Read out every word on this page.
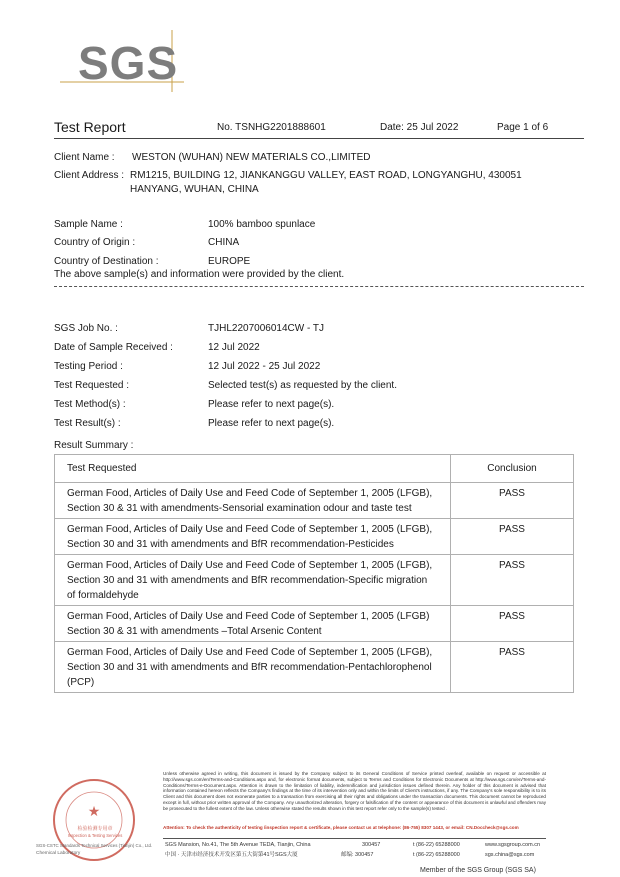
SGS
Test Report	No. TSNHG2201888601	Date: 25 Jul 2022	Page 1 of 6
Client Name : WESTON (WUHAN) NEW MATERIALS CO.,LIMITED
Client Address : RM1215, BUILDING 12, JIANKANGGU VALLEY, EAST ROAD, LONGYANGHU, 430051
HANYANG, WUHAN, CHINA
Sample Name :	100% bamboo spunlace
Country of Origin :	CHINA
Country of Destination :	EUROPE
The above sample(s) and information were provided by the client.
SGS Job No. :	TJHL2207006014CW - TJ
Date of Sample Received :	12 Jul 2022
Testing Period :	12 Jul 2022 - 25 Jul 2022
Test Requested :	Selected test(s) as requested by the client.
Test Method(s) :	Please refer to next page(s).
Test Result(s) :	Please refer to next page(s).
Result Summary :
Test Requested	Conclusion

German Food, Articles of Daily Use and Feed Code of September 1, 2005 (LFGB),
Section 30 & 31 with amendments-Sensorial examination odour and taste test	PASS

German Food, Articles of Daily Use and Feed Code of September 1, 2005 (LFGB),
Section 30 and 31 with amendments and BfR recommendation-Pesticides	PASS

German Food, Articles of Daily Use and Feed Code of September 1, 2005 (LFGB),
Section 30 and 31 with amendments and BfR recommendation-Specific migration
of formaldehyde	PASS

German Food, Articles of Daily Use and Feed Code of September 1, 2005 (LFGB)
Section 30 & 31 with amendments –Total Arsenic Content	PASS

German Food, Articles of Daily Use and Feed Code of September 1, 2005 (LFGB),
Section 30 and 31 with amendments and BfR recommendation-Pentachlorophenol
(PCP)	PASS
★
检验检测专用章
Inspection & Testing Services
SGS-CSTC Standards Technical Services (Tianjin) Co., Ltd.
Chemical Laboratory
Unless otherwise agreed in writing, this document is issued by the Company subject to its General Conditions of Service printed overleaf, available on request or accessible at http://www.sgs.com/en/Terms-and-Conditions.aspx and, for electronic format documents, subject to Terms and Conditions for Electronic Documents at http://www.sgs.com/en/Terms-and-Conditions/Terms-e-Document.aspx. Attention is drawn to the limitation of liability, indemnification and jurisdiction issues defined therein. Any holder of this document is advised that information contained hereon reflects the Company's findings at the time of its intervention only and within the limits of Client's instructions, if any. The Company's sole responsibility is to its Client and this document does not exonerate parties to a transaction from exercising all their rights and obligations under the transaction documents. This document cannot be reproduced except in full, without prior written approval of the Company. Any unauthorized alteration, forgery or falsification of the content or appearance of this document is unlawful and offenders may be prosecuted to the fullest extent of the law. Unless otherwise stated the results shown in this test report refer only to the sample(s) tested .
Attention: To check the authenticity of testing /inspection report & certificate, please contact us at telephone: (86-755) 8307 1443, or email: CN.Doccheck@sgs.com
SGS Mansion, No.41, The 5th Avenue TEDA, Tianjin, China	300457	t (86-22) 65288000	www.sgsgroup.com.cn
中国 · 天津市经济技术开发区第五大街第41号SGS大厦	邮编: 300457	t (86-22) 65288000	sgs.china@sgs.com
Member of the SGS Group (SGS SA)
